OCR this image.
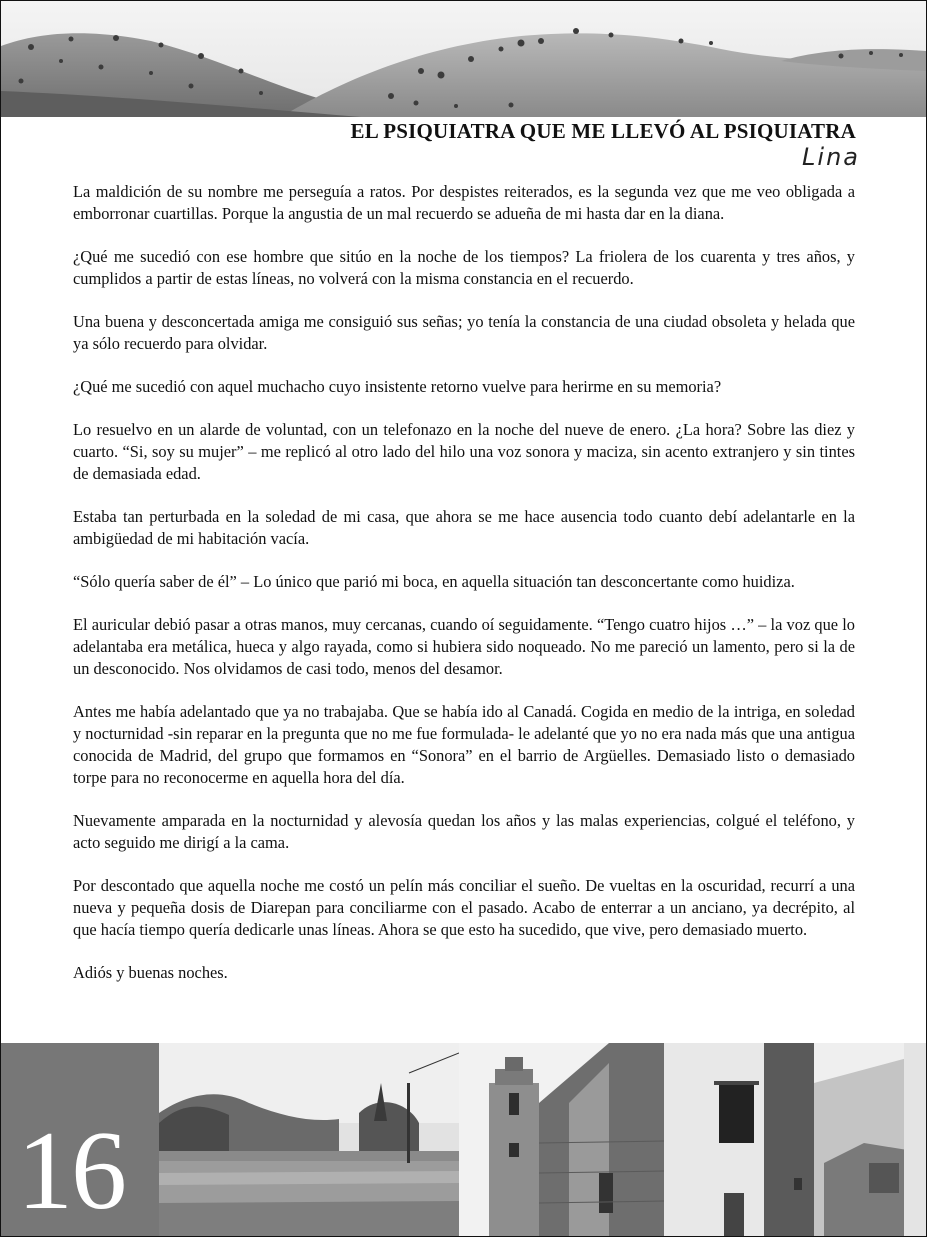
EL PSIQUIATRA QUE ME LLEVÓ AL PSIQUIATRA
Lina

La maldición de su nombre me perseguía a ratos. Por despistes reiterados, es la segunda vez que me veo obligada a emborronar cuartillas. Porque la angustia de un mal recuerdo se adueña de mi hasta dar en la diana.

¿Qué me sucedió con ese hombre que sitúo en la noche de los tiempos? La friolera de los cuarenta y tres años, y cumplidos a partir de estas líneas, no volverá con la misma constancia en el recuerdo.

Una buena y desconcertada amiga me consiguió sus señas; yo tenía la constancia de una ciudad obsoleta y helada que ya sólo recuerdo para olvidar.

¿Qué me sucedió con aquel muchacho cuyo insistente retorno vuelve para herirme en su memoria?

Lo resuelvo en un alarde de voluntad, con un telefonazo en la noche del nueve de enero. ¿La hora? Sobre las diez y cuarto. “Si, soy su mujer” – me replicó al otro lado del hilo una voz sonora y maciza, sin acento extranjero y sin tintes de demasiada edad.

Estaba tan perturbada en la soledad de mi casa, que ahora se me hace ausencia todo cuanto debí adelantarle en la ambigüedad de mi habitación vacía.

“Sólo quería saber de él” – Lo único que parió mi boca, en aquella situación tan desconcertante como huidiza.

El auricular debió pasar a otras manos, muy cercanas, cuando oí seguidamente. “Tengo cuatro hijos …” – la voz que lo adelantaba era metálica, hueca y algo rayada, como si hubiera sido noqueado. No me pareció un lamento, pero si la de un desconocido. Nos olvidamos de casi todo, menos del desamor.

Antes me había adelantado que ya no trabajaba. Que se había ido al Canadá. Cogida en medio de la intriga, en soledad y nocturnidad -sin reparar en la pregunta que no me fue formulada- le adelanté que yo no era nada más que una antigua conocida de Madrid, del grupo que formamos en “Sonora” en el barrio de Argüelles. Demasiado listo o demasiado torpe para no reconocerme en aquella hora del día.

Nuevamente amparada en la nocturnidad y alevosía quedan los años y las malas experiencias, colgué el teléfono, y acto seguido me dirigí a la cama.

Por descontado que aquella noche me costó un pelín más conciliar el sueño. De vueltas en la oscuridad, recurrí a una nueva y pequeña dosis de Diarepan para conciliarme con el pasado. Acabo de enterrar a un anciano, ya decrépito, al que hacía tiempo quería dedicarle unas líneas. Ahora se que esto ha sucedido, que vive, pero demasiado muerto.

Adiós y buenas noches.

16
